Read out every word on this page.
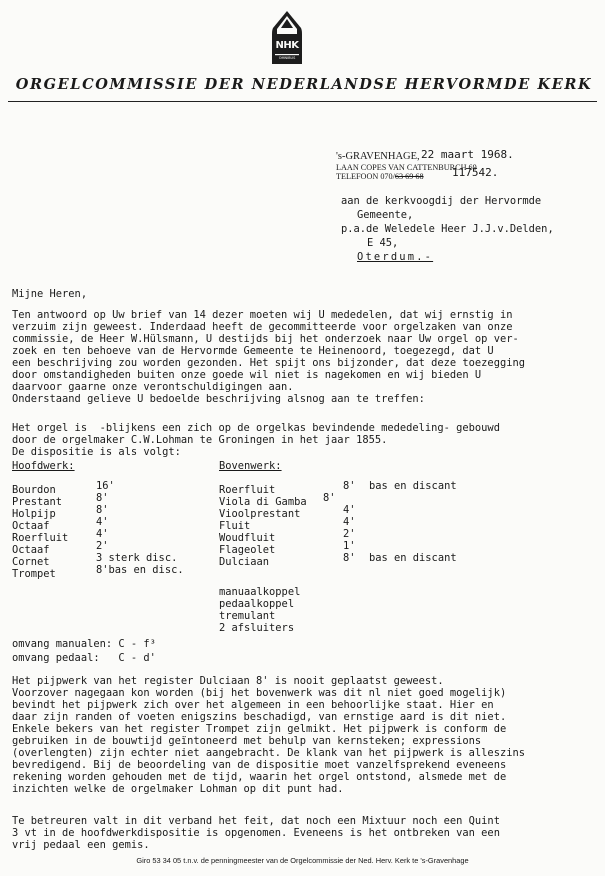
NHK
OMNIBUS
ORGELCOMMISSIE DER NEDERLANDSE HERVORMDE KERK
's-GRAVENHAGE, 22 maart 1968.
LAAN COPES VAN CATTENBURCH 69
TELEFOON 070/63 69 68	117542.
aan de kerkvoogdij der Hervormde
Gemeente,
p.a.de Weledele Heer J.J.v.Delden,
E 45,
Oterdum.-
Mijne Heren,
Ten antwoord op Uw brief van 14 dezer moeten wij U mededelen, dat wij ernstig in
verzuim zijn geweest. Inderdaad heeft de gecommitteerde voor orgelzaken van onze
commissie, de Heer W.Hülsmann, U destijds bij het onderzoek naar Uw orgel op ver-
zoek en ten behoeve van de Hervormde Gemeente te Heinenoord, toegezegd, dat U
een beschrijving zou worden gezonden. Het spijt ons bijzonder, dat deze toezegging
door omstandigheden buiten onze goede wil niet is nagekomen en wij bieden U
daarvoor gaarne onze verontschuldigingen aan.
Onderstaand gelieve U bedoelde beschrijving alsnog aan te treffen:
Het orgel is  -blijkens een zich op de orgelkas bevindende mededeling- gebouwd
door de orgelmaker C.W.Lohman te Groningen in het jaar 1855.
De dispositie is als volgt:
Hoofdwerk:
Bourdon	16'
Prestant	8'
Holpijp	8'
Octaaf	4'
Roerfluit	4'
Octaaf	2'
Cornet	3 sterk disc.
Trompet	8'bas en disc.
Bovenwerk:
Roerfluit	8' bas en discant
Viola di Gamba 8'
Vioolprestant	4'
Fluit	4'
Woudfluit	2'
Flageolet	1'
Dulciaan	8' bas en discant
manuaalkoppel
pedaalkoppel
tremulant
2 afsluiters
omvang manualen: C - f³
omvang pedaal:   C - d'
Het pijpwerk van het register Dulciaan 8' is nooit geplaatst geweest.
Voorzover nagegaan kon worden (bij het bovenwerk was dit nl niet goed mogelijk)
bevindt het pijpwerk zich over het algemeen in een behoorlijke staat. Hier en
daar zijn randen of voeten enigszins beschadigd, van ernstige aard is dit niet.
Enkele bekers van het register Trompet zijn gelmikt. Het pijpwerk is conform de
gebruiken in de bouwtijd geïntoneerd met behulp van kernsteken; expressions
(overlengten) zijn echter niet aangebracht. De klank van het pijpwerk is alleszins
bevredigend. Bij de beoordeling van de dispositie moet vanzelfsprekend eveneens
rekening worden gehouden met de tijd, waarin het orgel ontstond, alsmede met de
inzichten welke de orgelmaker Lohman op dit punt had.
Te betreuren valt in dit verband het feit, dat noch een Mixtuur noch een Quint
3 vt in de hoofdwerkdispositie is opgenomen. Eveneens is het ontbreken van een
vrij pedaal een gemis.
Giro 53 34 05 t.n.v. de penningmeester van de Orgelcommissie der Ned. Herv. Kerk te 's-Gravenhage
